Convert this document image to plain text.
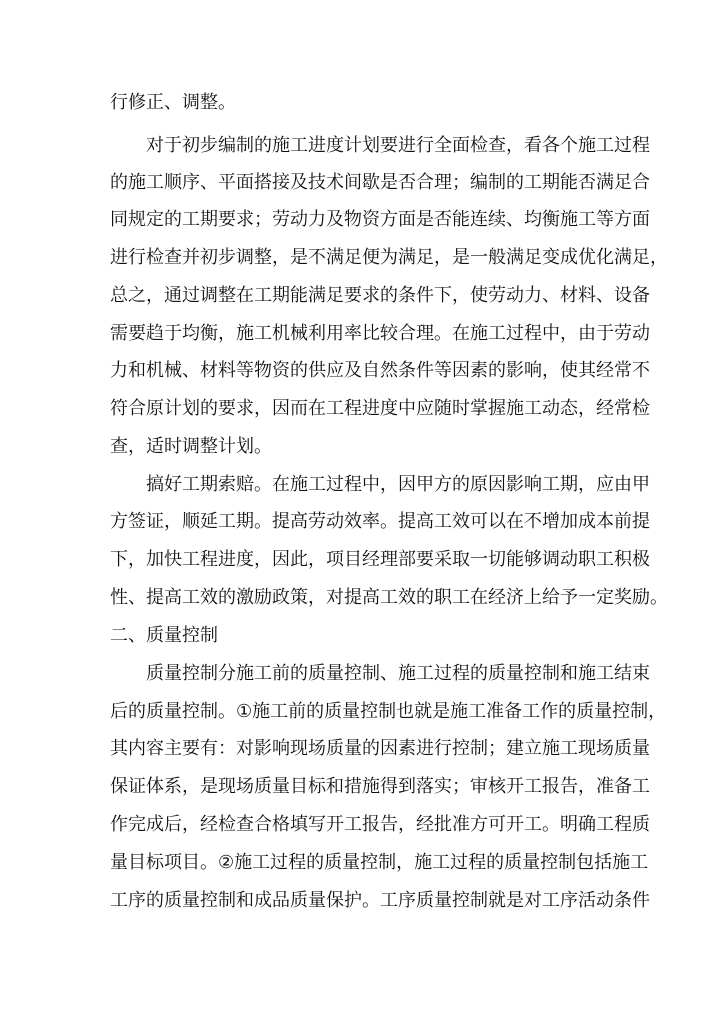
行修正、调整。
对于初步编制的施工进度计划要进行全面检查，看各个施工过程
的施工顺序、平面搭接及技术间歇是否合理；编制的工期能否满足合
同规定的工期要求；劳动力及物资方面是否能连续、均衡施工等方面
进行检查并初步调整，是不满足便为满足，是一般满足变成优化满足，
总之，通过调整在工期能满足要求的条件下，使劳动力、材料、设备
需要趋于均衡，施工机械利用率比较合理。在施工过程中，由于劳动
力和机械、材料等物资的供应及自然条件等因素的影响，使其经常不
符合原计划的要求，因而在工程进度中应随时掌握施工动态，经常检
查，适时调整计划。
搞好工期索赔。在施工过程中，因甲方的原因影响工期，应由甲
方签证，顺延工期。提高劳动效率。提高工效可以在不增加成本前提
下，加快工程进度，因此，项目经理部要采取一切能够调动职工积极
性、提高工效的激励政策，对提高工效的职工在经济上给予一定奖励。
二、质量控制
质量控制分施工前的质量控制、施工过程的质量控制和施工结束
后的质量控制。①施工前的质量控制也就是施工准备工作的质量控制，
其内容主要有：对影响现场质量的因素进行控制；建立施工现场质量
保证体系，是现场质量目标和措施得到落实；审核开工报告，准备工
作完成后，经检查合格填写开工报告，经批准方可开工。明确工程质
量目标项目。②施工过程的质量控制，施工过程的质量控制包括施工
工序的质量控制和成品质量保护。工序质量控制就是对工序活动条件
